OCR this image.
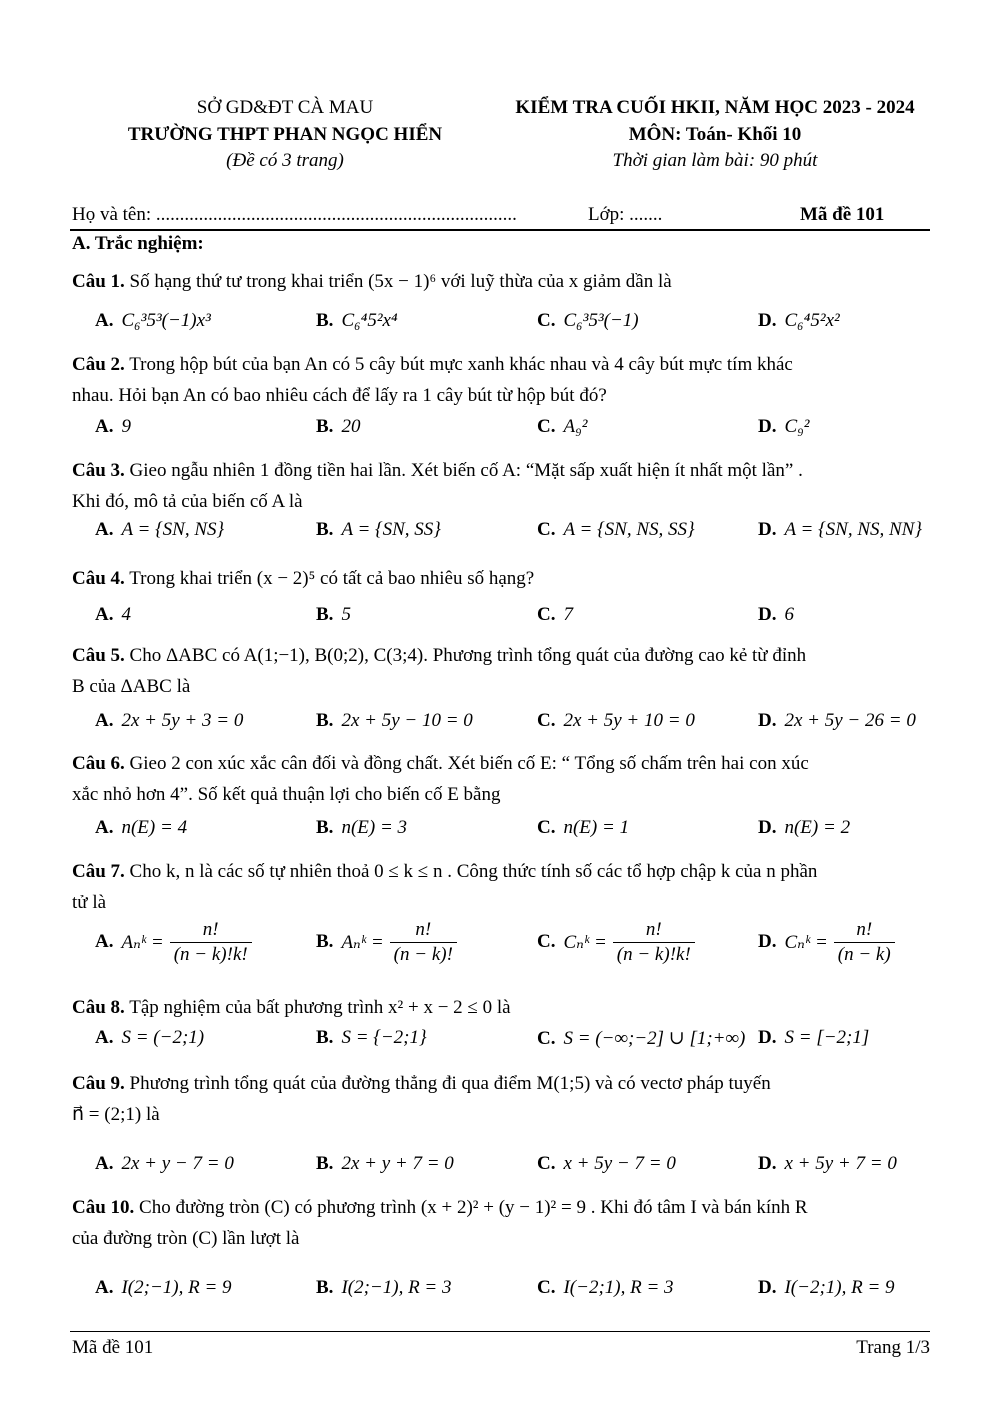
SỞ GD&ĐT CÀ MAU
TRƯỜNG THPT PHAN NGỌC HIỂN
(Đề có 3 trang)
KIỂM TRA CUỐI HKII, NĂM HỌC 2023 - 2024
MÔN: Toán- Khối 10
Thời gian làm bài: 90 phút
Họ và tên: ............................................................................	Lớp: .......	Mã đề 101
A. Trắc nghiệm:
Câu 1. Số hạng thứ tư trong khai triển (5x − 1)⁶ với luỹ thừa của x giảm dần là
A. C₆³5³(−1)x³	B. C₆⁴5²x⁴	C. C₆³5³(−1)	D. C₆⁴5²x²
Câu 2. Trong hộp bút của bạn An có 5 cây bút mực xanh khác nhau và 4 cây bút mực tím khác
nhau. Hỏi bạn An có bao nhiêu cách để lấy ra 1 cây bút từ hộp bút đó?
A. 9	B. 20	C. A₉²	D. C₉²
Câu 3. Gieo ngẫu nhiên 1 đồng tiền hai lần. Xét biến cố A: “Mặt sấp xuất hiện ít nhất một lần” .
Khi đó, mô tả của biến cố A là
A. A = {SN, NS}	B. A = {SN, SS}	C. A = {SN, NS, SS}	D. A = {SN, NS, NN}
Câu 4. Trong khai triển (x − 2)⁵ có tất cả bao nhiêu số hạng?
A. 4	B. 5	C. 7	D. 6
Câu 5. Cho ΔABC có A(1;−1), B(0;2), C(3;4). Phương trình tổng quát của đường cao kẻ từ đỉnh
B của ΔABC là
A. 2x + 5y + 3 = 0	B. 2x + 5y − 10 = 0	C. 2x + 5y + 10 = 0	D. 2x + 5y − 26 = 0
Câu 6. Gieo 2 con xúc xắc cân đối và đồng chất. Xét biến cố E: “ Tổng số chấm trên hai con xúc
xắc nhỏ hơn 4”. Số kết quả thuận lợi cho biến cố E bằng
A. n(E) = 4	B. n(E) = 3	C. n(E) = 1	D. n(E) = 2
Câu 7. Cho k, n là các số tự nhiên thoả 0 ≤ k ≤ n . Công thức tính số các tổ hợp chập k của n phần
tử là
A. Aₙᵏ = $\frac{n!}{(n - k)!k!}$	B. Aₙᵏ = $\frac{n!}{(n - k)!}$	C. Cₙᵏ = $\frac{n!}{(n - k)!k!}$	D. Cₙᵏ = $\frac{n!}{(n - k)}$
Câu 8. Tập nghiệm của bất phương trình x² + x − 2 ≤ 0 là
A. S = (−2;1)	B. S = {−2;1}	C. S = (−∞;−2] ∪ [1;+∞) D. S = [−2;1]
Câu 9. Phương trình tổng quát của đường thẳng đi qua điểm M(1;5) và có vectơ pháp tuyến
n⃗ = (2;1) là
A. 2x + y − 7 = 0	B. 2x + y + 7 = 0	C. x + 5y − 7 = 0	D. x + 5y + 7 = 0
Câu 10. Cho đường tròn (C) có phương trình (x + 2)² + (y − 1)² = 9 . Khi đó tâm I và bán kính R
của đường tròn (C) lần lượt là
A. I(2;−1), R = 9	B. I(2;−1), R = 3	C. I(−2;1), R = 3	D. I(−2;1), R = 9
Mã đề 101	Trang 1/3
